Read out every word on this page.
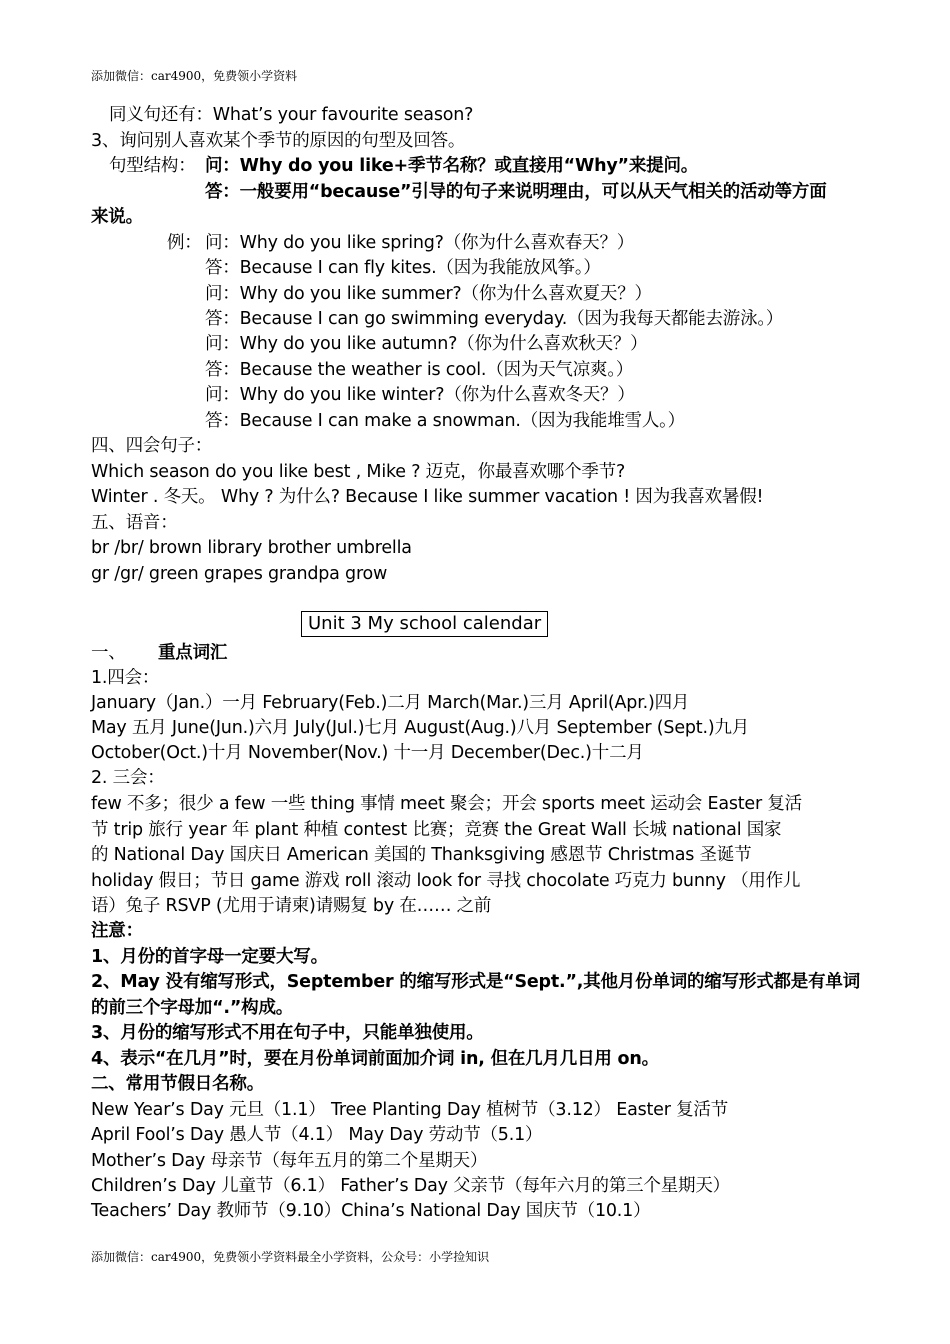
添加微信：car4900，免费领小学资料
同义句还有：What’s your favourite season?
3、询问别人喜欢某个季节的原因的句型及回答。
句型结构： 问：Why do you like+季节名称？或直接用“Why”来提问。
答：一般要用“because”引导的句子来说明理由，可以从天气相关的活动等方面
来说。
例： 问：Why do you like spring?（你为什么喜欢春天？）
答：Because I can fly kites.（因为我能放风筝。）
问：Why do you like summer?（你为什么喜欢夏天？）
答：Because I can go swimming everyday.（因为我每天都能去游泳。）
问：Why do you like autumn?（你为什么喜欢秋天？）
答：Because the weather is cool.（因为天气凉爽。）
问：Why do you like winter?（你为什么喜欢冬天？）
答：Because I can make a snowman.（因为我能堆雪人。）
四、四会句子：
Which season do you like best , Mike ? 迈克，你最喜欢哪个季节?
Winter . 冬天。 Why ? 为什么? Because I like summer vacation ! 因为我喜欢暑假!
五、语音：
br /br/ brown library brother umbrella
gr /gr/ green grapes grandpa grow
Unit 3 My school calendar
一、 重点词汇
1.四会：
January（Jan.）一月 February(Feb.)二月 March(Mar.)三月 April(Apr.)四月
May 五月 June(Jun.)六月 July(Jul.)七月 August(Aug.)八月 September (Sept.)九月
October(Oct.)十月 November(Nov.) 十一月 December(Dec.)十二月
2. 三会：
few 不多；很少 a few 一些 thing 事情 meet 聚会；开会 sports meet 运动会 Easter 复活
节 trip 旅行 year 年 plant 种植 contest 比赛；竞赛 the Great Wall 长城 national 国家
的 National Day 国庆日 American 美国的 Thanksgiving 感恩节 Christmas 圣诞节
holiday 假日；节日 game 游戏 roll 滚动 look for 寻找 chocolate 巧克力 bunny （用作儿
语）兔子 RSVP (尤用于请柬)请赐复 by 在…… 之前
注意：
1、月份的首字母一定要大写。
2、May 没有缩写形式，September 的缩写形式是“Sept.”,其他月份单词的缩写形式都是有单词
的前三个字母加“.”构成。
3、月份的缩写形式不用在句子中，只能单独使用。
4、表示“在几月”时，要在月份单词前面加介词 in, 但在几月几日用 on。
二、常用节假日名称。
New Year’s Day 元旦（1.1） Tree Planting Day 植树节（3.12） Easter 复活节
April Fool’s Day 愚人节（4.1） May Day 劳动节（5.1）
Mother’s Day 母亲节（每年五月的第二个星期天）
Children’s Day 儿童节（6.1） Father’s Day 父亲节（每年六月的第三个星期天）
Teachers’ Day 教师节（9.10）China’s National Day 国庆节（10.1）
添加微信：car4900，免费领小学资料最全小学资料，公众号：小学捡知识
